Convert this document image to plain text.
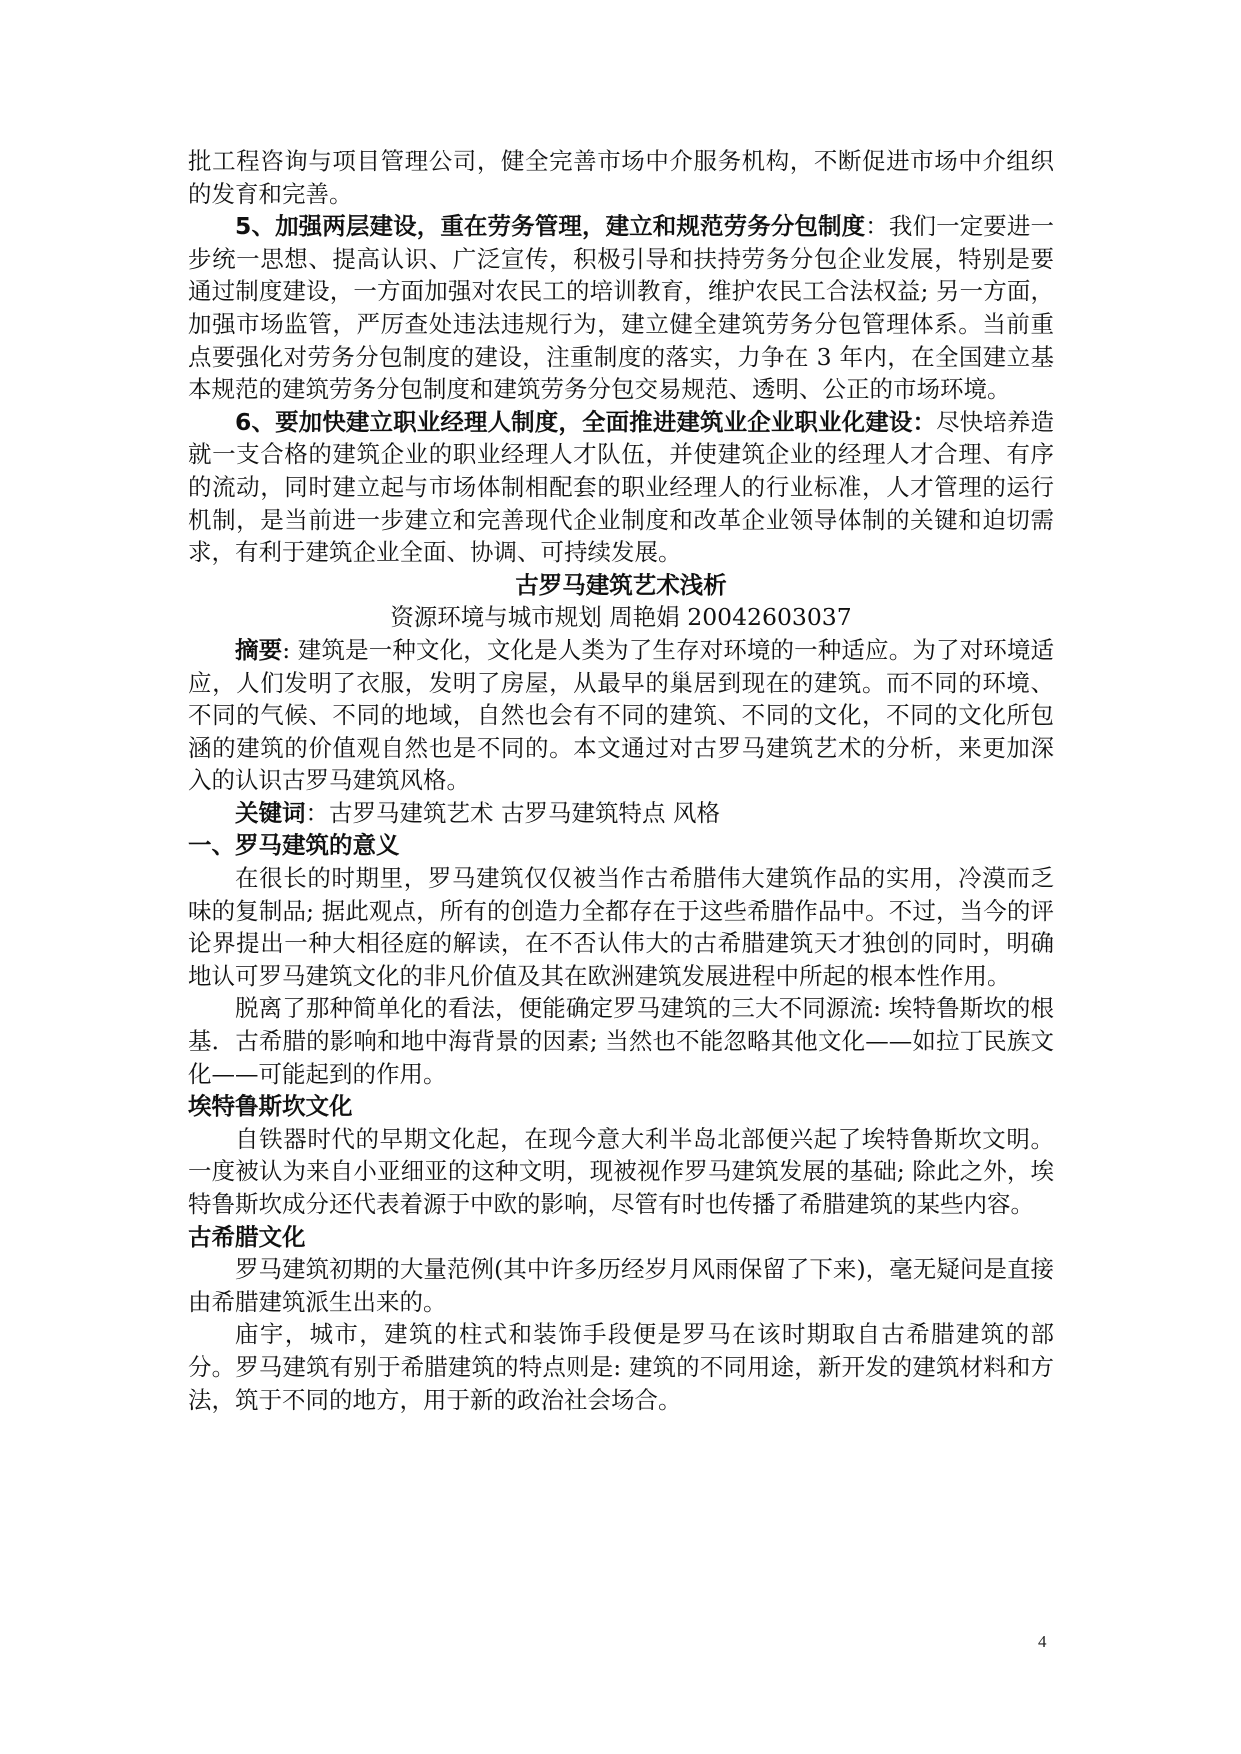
批工程咨询与项目管理公司，健全完善市场中介服务机构，不断促进市场中介组织的发育和完善。

5、加强两层建设，重在劳务管理，建立和规范劳务分包制度：我们一定要进一步统一思想、提高认识、广泛宣传，积极引导和扶持劳务分包企业发展，特别是要通过制度建设，一方面加强对农民工的培训教育，维护农民工合法权益; 另一方面，加强市场监管，严厉查处违法违规行为，建立健全建筑劳务分包管理体系。当前重点要强化对劳务分包制度的建设，注重制度的落实，力争在 3 年内，在全国建立基本规范的建筑劳务分包制度和建筑劳务分包交易规范、透明、公正的市场环境。

6、要加快建立职业经理人制度，全面推进建筑业企业职业化建设：尽快培养造就一支合格的建筑企业的职业经理人才队伍，并使建筑企业的经理人才合理、有序的流动，同时建立起与市场体制相配套的职业经理人的行业标准，人才管理的运行机制，是当前进一步建立和完善现代企业制度和改革企业领导体制的关键和迫切需求，有利于建筑企业全面、协调、可持续发展。

古罗马建筑艺术浅析

资源环境与城市规划 周艳娟 20042603037

摘要: 建筑是一种文化，文化是人类为了生存对环境的一种适应。为了对环境适应，人们发明了衣服，发明了房屋，从最早的巢居到现在的建筑。而不同的环境、不同的气候、不同的地域，自然也会有不同的建筑、不同的文化，不同的文化所包涵的建筑的价值观自然也是不同的。本文通过对古罗马建筑艺术的分析，来更加深入的认识古罗马建筑风格。

关键词：古罗马建筑艺术 古罗马建筑特点 风格

一、罗马建筑的意义

在很长的时期里，罗马建筑仅仅被当作古希腊伟大建筑作品的实用，冷漠而乏味的复制品; 据此观点，所有的创造力全都存在于这些希腊作品中。不过，当今的评论界提出一种大相径庭的解读，在不否认伟大的古希腊建筑天才独创的同时，明确地认可罗马建筑文化的非凡价值及其在欧洲建筑发展进程中所起的根本性作用。

脱离了那种简单化的看法，便能确定罗马建筑的三大不同源流: 埃特鲁斯坎的根基．古希腊的影响和地中海背景的因素; 当然也不能忽略其他文化——如拉丁民族文化——可能起到的作用。

埃特鲁斯坎文化

自铁器时代的早期文化起，在现今意大利半岛北部便兴起了埃特鲁斯坎文明。一度被认为来自小亚细亚的这种文明，现被视作罗马建筑发展的基础; 除此之外，埃特鲁斯坎成分还代表着源于中欧的影响，尽管有时也传播了希腊建筑的某些内容。

古希腊文化

罗马建筑初期的大量范例(其中许多历经岁月风雨保留了下来)，毫无疑问是直接由希腊建筑派生出来的。

庙宇，城市，建筑的柱式和装饰手段便是罗马在该时期取自古希腊建筑的部分。罗马建筑有别于希腊建筑的特点则是: 建筑的不同用途，新开发的建筑材料和方法，筑于不同的地方，用于新的政治社会场合。

4
